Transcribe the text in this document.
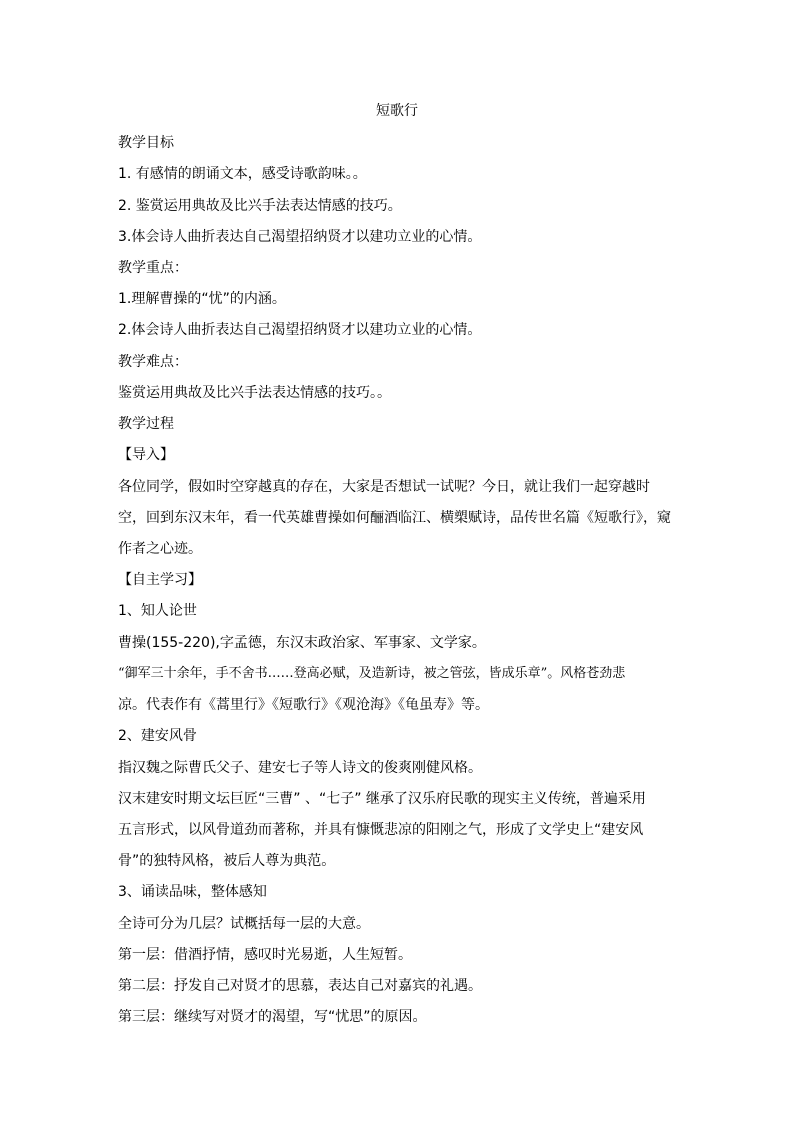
短歌行
教学目标
1. 有感情的朗诵文本，感受诗歌韵味。。
2. 鉴赏运用典故及比兴手法表达情感的技巧。
3.体会诗人曲折表达自己渴望招纳贤才以建功立业的心情。
教学重点：
1.理解曹操的“忧”的内涵。
2.体会诗人曲折表达自己渴望招纳贤才以建功立业的心情。
教学难点：
鉴赏运用典故及比兴手法表达情感的技巧。。
教学过程
【导入】
各位同学，假如时空穿越真的存在，大家是否想试一试呢？今日，就让我们一起穿越时
空，回到东汉末年，看一代英雄曹操如何酾酒临江、横槊赋诗，品传世名篇《短歌行》，窥
作者之心迹。
【自主学习】
1、知人论世
曹操(155-220),字孟德，东汉末政治家、军事家、文学家。
“御军三十余年，手不舍书……登高必赋，及造新诗，被之管弦，皆成乐章”。风格苍劲悲
凉。代表作有《蒿里行》《短歌行》《观沧海》《龟虽寿》等。
2、建安风骨
指汉魏之际曹氏父子、建安七子等人诗文的俊爽刚健风格。
汉末建安时期文坛巨匠“三曹” 、“七子” 继承了汉乐府民歌的现实主义传统，普遍采用
五言形式，以风骨道劲而著称，并具有慷慨悲凉的阳刚之气，形成了文学史上“建安风
骨”的独特风格，被后人尊为典范。
3、诵读品味，整体感知
全诗可分为几层？试概括每一层的大意。
第一层：借酒抒情，感叹时光易逝，人生短暂。
第二层：抒发自己对贤才的思慕，表达自己对嘉宾的礼遇。
第三层：继续写对贤才的渴望，写“忧思”的原因。
